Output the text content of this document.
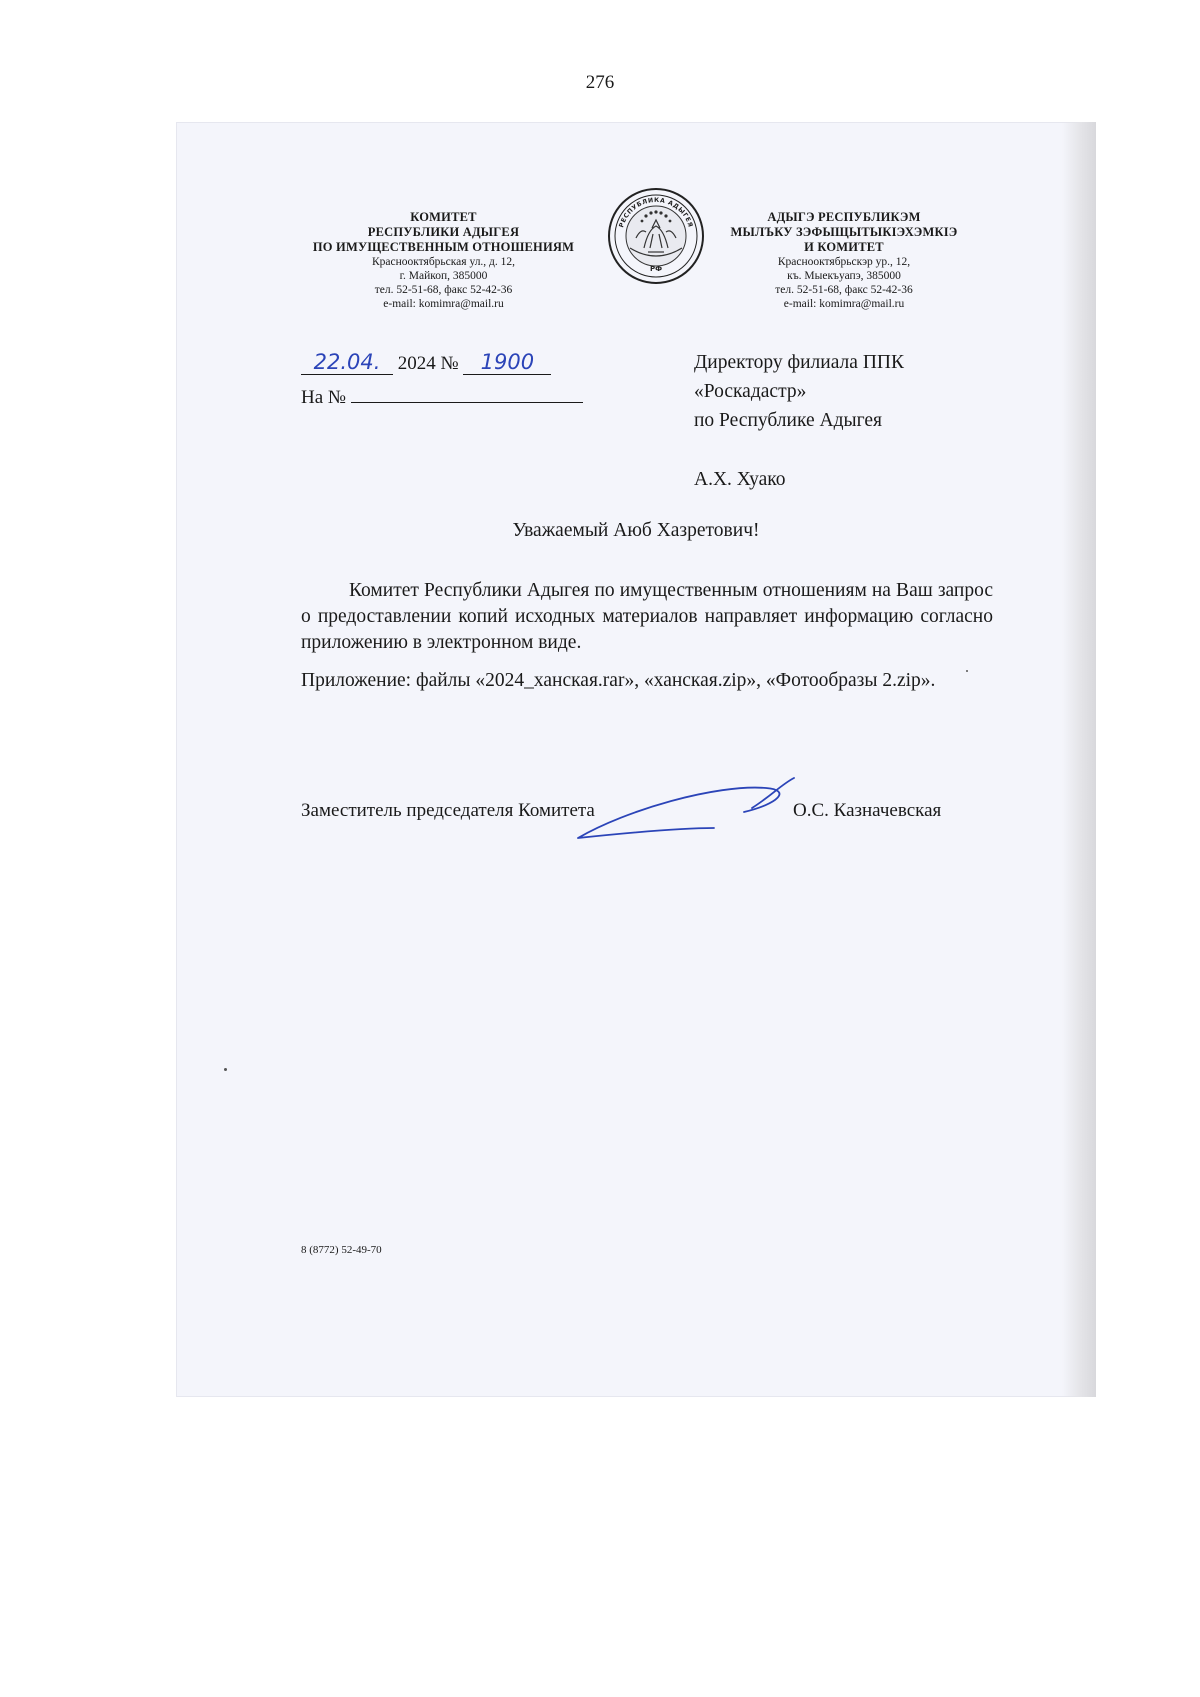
276
КОМИТЕТ
РЕСПУБЛИКИ АДЫГЕЯ
ПО ИМУЩЕСТВЕННЫМ ОТНОШЕНИЯМ
Краснооктябрьская ул., д. 12,
г. Майкоп, 385000
тел. 52-51-68, факс 52-42-36
e-mail: komimra@mail.ru
РЕСПУБЛИКА АДЫГЕЯ
РФ
АДЫГЭ РЕСПУБЛИКЭМ
МЫЛЪКУ ЗЭФЫЩЫТЫКIЭХЭМКIЭ
И КОМИТЕТ
Краснооктябрьскэр ур., 12,
къ. Мыекъуапэ, 385000
тел. 52-51-68, факс 52-42-36
e-mail: komimra@mail.ru
22.04. 2024 № 1900
На №
Директору филиала ППК
«Роскадастр»
по Республике Адыгея
А.Х. Хуако
Уважаемый Аюб Хазретович!
Комитет Республики Адыгея по имущественным отношениям на Ваш запрос о предоставлении копий исходных материалов направляет информацию согласно приложению в электронном виде.
Приложение: файлы «2024_ханская.rar», «ханская.zip», «Фотообразы 2.zip».
Заместитель председателя Комитета	О.С. Казначевская
8 (8772) 52-49-70
